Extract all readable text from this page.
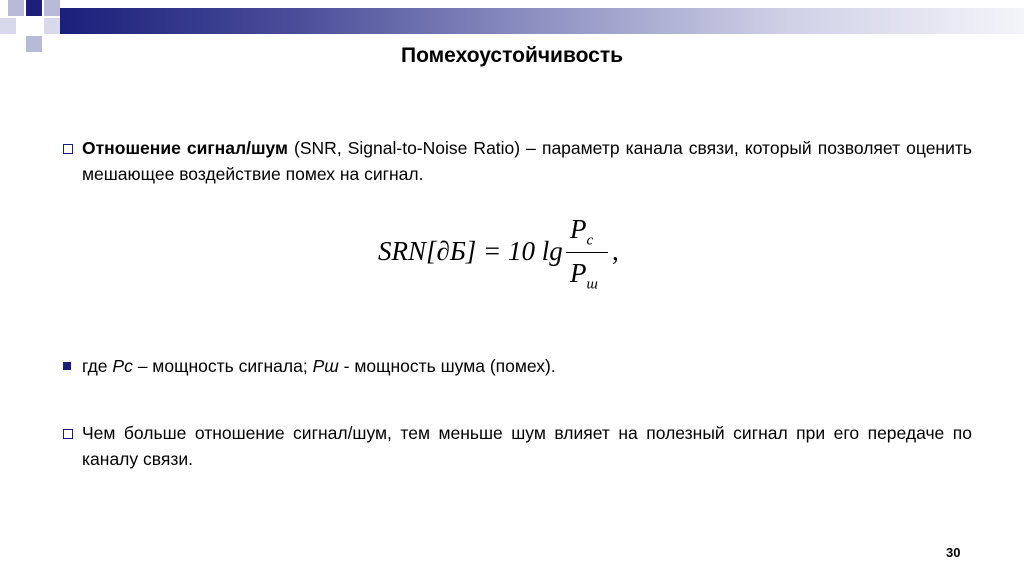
Помехоустойчивость
Отношение сигнал/шум (SNR, Signal-to-Noise Ratio) – параметр канала связи, который позволяет оценить мешающее воздействие помех на сигнал.
SRN[∂Б] = 10 lg
$P_с$
$P_ш$
,
где Pc – мощность сигнала; Pш - мощность шума (помех).
Чем больше отношение сигнал/шум, тем меньше шум влияет на полезный сигнал при его передаче по каналу связи.
30
